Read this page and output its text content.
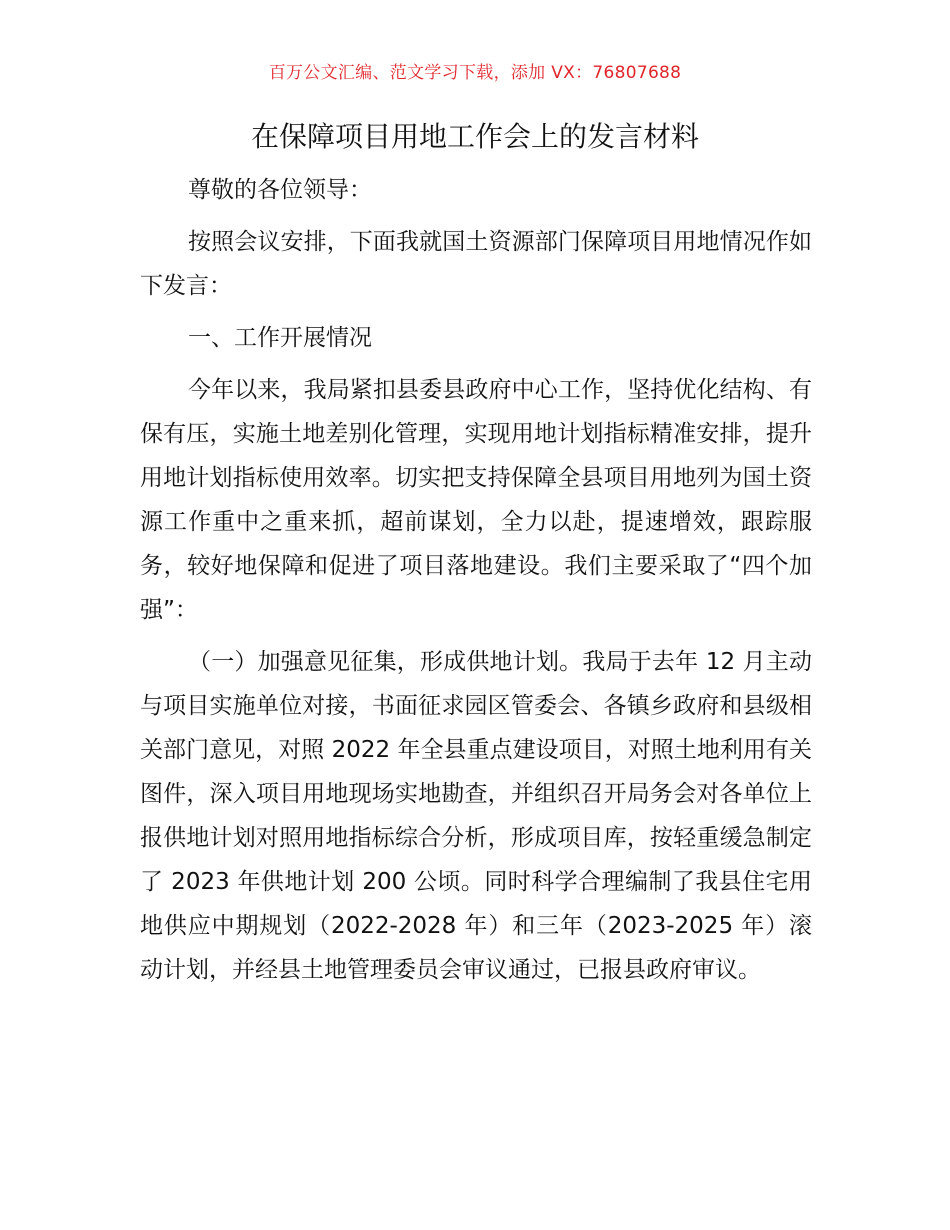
百万公文汇编、范文学习下载，添加 VX：76807688
在保障项目用地工作会上的发言材料

尊敬的各位领导：

按照会议安排，下面我就国土资源部门保障项目用地情况作如下发言：

一、工作开展情况

今年以来，我局紧扣县委县政府中心工作，坚持优化结构、有保有压，实施土地差别化管理，实现用地计划指标精准安排，提升用地计划指标使用效率。切实把支持保障全县项目用地列为国土资源工作重中之重来抓，超前谋划，全力以赴，提速增效，跟踪服务，较好地保障和促进了项目落地建设。我们主要采取了“四个加强”：

（一）加强意见征集，形成供地计划。我局于去年 12 月主动与项目实施单位对接，书面征求园区管委会、各镇乡政府和县级相关部门意见，对照 2022 年全县重点建设项目，对照土地利用有关图件，深入项目用地现场实地勘查，并组织召开局务会对各单位上报供地计划对照用地指标综合分析，形成项目库，按轻重缓急制定了 2023 年供地计划 200 公顷。同时科学合理编制了我县住宅用地供应中期规划（2022-2028 年）和三年（2023-2025 年）滚动计划，并经县土地管理委员会审议通过，已报县政府审议。
